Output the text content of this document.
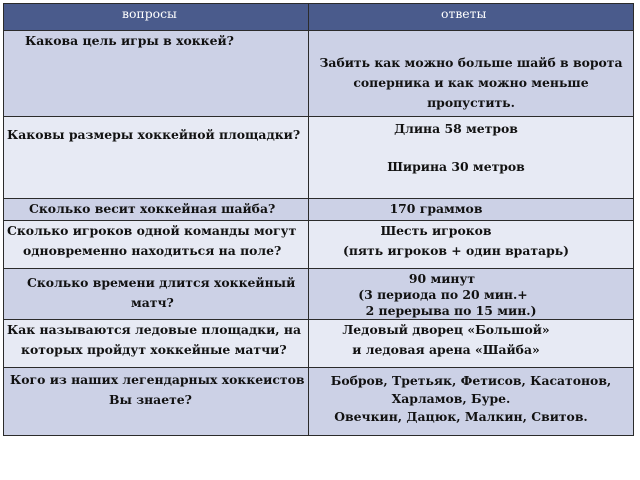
вопросы	ответы

Какова цель игры в хоккей?	Забить как можно больше шайб в ворота
соперника и как можно меньше
пропустить.

Каковы размеры хоккейной площадки?	Длина 58 метров
Ширина 30 метров

Сколько весит хоккейная шайба?	170 граммов

Сколько игроков одной команды могут
одновременно находиться на поле?	Шесть игроков
(пять игроков + один вратарь)

Сколько времени длится хоккейный
матч?	90 минут
(3 периода по 20 мин.+
2 перерыва по 15 мин.)

Как называются ледовые площадки, на
которых пройдут хоккейные матчи?	Ледовый дворец «Большой»
и ледовая арена «Шайба»

Кого из наших легендарных хоккеистов
Вы знаете?	Бобров, Третьяк, Фетисов, Касатонов,
Харламов, Буре.
Овечкин, Дацюк, Малкин, Свитов.
